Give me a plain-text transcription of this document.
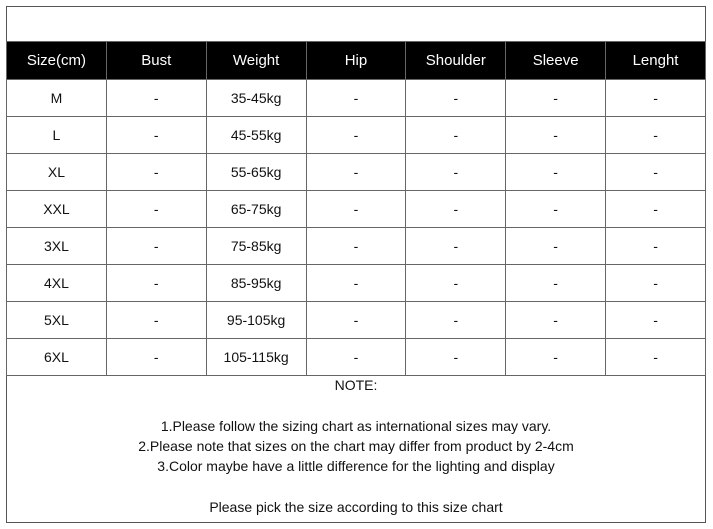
Size(cm)	Bust	Weight	Hip	Shoulder	Sleeve	Lenght
M	-	35-45kg	-	-	-	-
L	-	45-55kg	-	-	-	-
XL	-	55-65kg	-	-	-	-
XXL	-	65-75kg	-	-	-	-
3XL	-	75-85kg	-	-	-	-
4XL	-	85-95kg	-	-	-	-
5XL	-	95-105kg	-	-	-	-
6XL	-	105-115kg	-	-	-	-
NOTE:
1.Please follow the sizing chart as international sizes may vary.
2.Please note that sizes on the chart may differ from product by 2-4cm
3.Color maybe have a little difference for the lighting and display
Please pick the size according to this size chart
